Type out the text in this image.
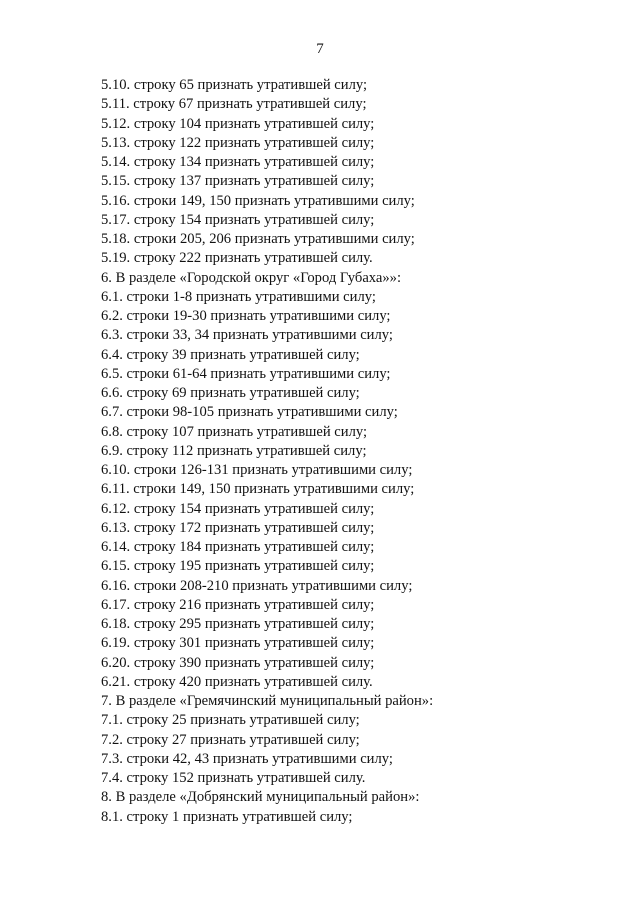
7
5.10. строку 65 признать утратившей силу;
5.11. строку 67 признать утратившей силу;
5.12. строку 104 признать утратившей силу;
5.13. строку 122 признать утратившей силу;
5.14. строку 134 признать утратившей силу;
5.15. строку 137 признать утратившей силу;
5.16. строки 149, 150 признать утратившими силу;
5.17. строку 154 признать утратившей силу;
5.18. строки 205, 206 признать утратившими силу;
5.19. строку 222 признать утратившей силу.
6. В разделе «Городской округ «Город Губаха»»:
6.1. строки 1-8 признать утратившими силу;
6.2. строки 19-30 признать утратившими силу;
6.3. строки 33, 34 признать утратившими силу;
6.4. строку 39 признать утратившей силу;
6.5. строки 61-64 признать утратившими силу;
6.6. строку 69 признать утратившей силу;
6.7. строки 98-105 признать утратившими силу;
6.8. строку 107 признать утратившей силу;
6.9. строку 112 признать утратившей силу;
6.10. строки 126-131 признать утратившими силу;
6.11. строки 149, 150 признать утратившими силу;
6.12. строку 154 признать утратившей силу;
6.13. строку 172 признать утратившей силу;
6.14. строку 184 признать утратившей силу;
6.15. строку 195 признать утратившей силу;
6.16. строки 208-210 признать утратившими силу;
6.17. строку 216 признать утратившей силу;
6.18. строку 295 признать утратившей силу;
6.19. строку 301 признать утратившей силу;
6.20. строку 390 признать утратившей силу;
6.21. строку 420 признать утратившей силу.
7. В разделе «Гремячинский муниципальный район»:
7.1. строку 25 признать утратившей силу;
7.2. строку 27 признать утратившей силу;
7.3. строки 42, 43 признать утратившими силу;
7.4. строку 152 признать утратившей силу.
8. В разделе «Добрянский муниципальный район»:
8.1. строку 1 признать утратившей силу;
